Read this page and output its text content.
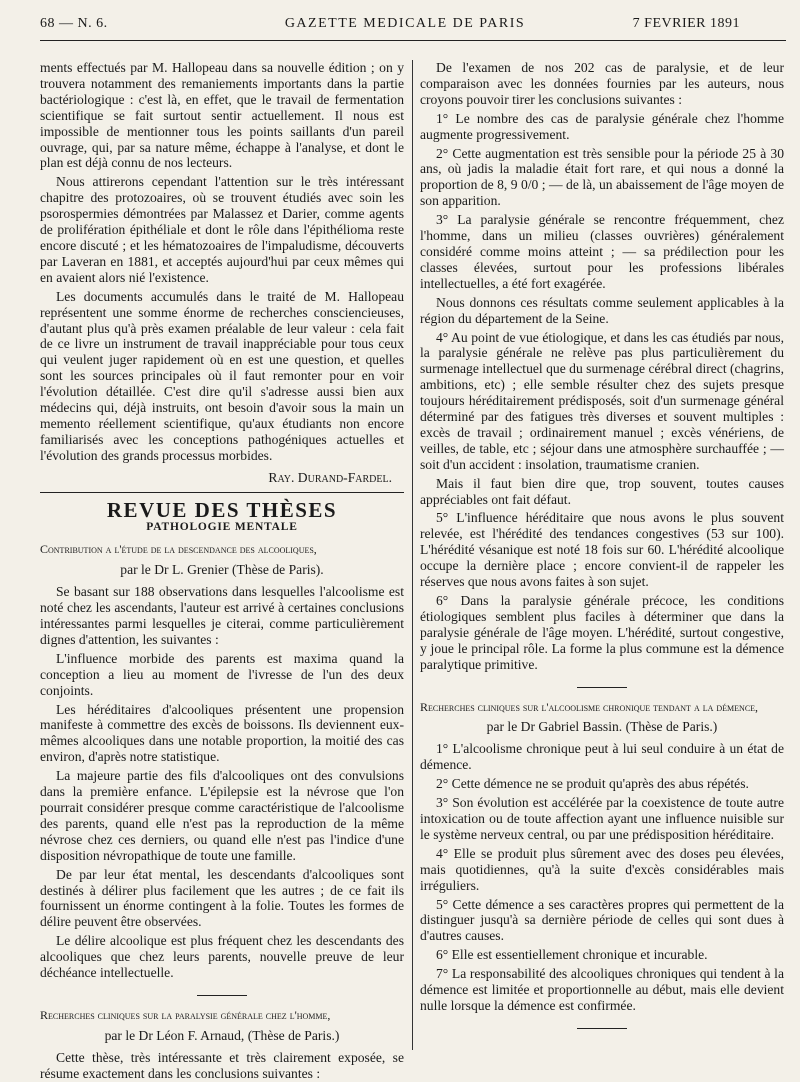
68 — N. 6.	GAZETTE MEDICALE DE PARIS	7 FEVRIER 1891

ments effectués par M. Hallopeau dans sa nouvelle édition ; on y trouvera notamment des remaniements importants dans la partie bactériologique : c'est là, en effet, que le travail de fermentation scientifique se fait surtout sentir actuellement. Il nous est impossible de mentionner tous les points saillants d'un pareil ouvrage, qui, par sa nature même, échappe à l'analyse, et dont le plan est déjà connu de nos lecteurs.

Nous attirerons cependant l'attention sur le très intéressant chapitre des protozoaires, où se trouvent étudiés avec soin les psorospermies démontrées par Malassez et Darier, comme agents de prolifération épithéliale et dont le rôle dans l'épithélioma reste encore discuté ; et les hématozoaires de l'impaludisme, découverts par Laveran en 1881, et acceptés aujourd'hui par ceux mêmes qui en avaient alors nié l'existence.

Les documents accumulés dans le traité de M. Hallopeau représentent une somme énorme de recherches consciencieuses, d'autant plus qu'à près examen préalable de leur valeur : cela fait de ce livre un instrument de travail inappréciable pour tous ceux qui veulent juger rapidement où en est une question, et quelles sont les sources principales où il faut remonter pour en voir l'évolution détaillée. C'est dire qu'il s'adresse aussi bien aux médecins qui, déjà instruits, ont besoin d'avoir sous la main un memento réellement scientifique, qu'aux étudiants non encore familiarisés avec les conceptions pathogéniques actuelles et l'évolution des grands processus morbides.

Ray. Durand-Fardel.
REVUE DES THÈSES
PATHOLOGIE MENTALE
Contribution a l'étude de la descendance des alcooliques,
par le Dr L. Grenier (Thèse de Paris).

Se basant sur 188 observations dans lesquelles l'alcoolisme est noté chez les ascendants, l'auteur est arrivé à certaines conclusions intéressantes parmi lesquelles je citerai, comme particulièrement dignes d'attention, les suivantes :

L'influence morbide des parents est maxima quand la conception a lieu au moment de l'ivresse de l'un des deux conjoints.

Les héréditaires d'alcooliques présentent une propension manifeste à commettre des excès de boissons. Ils deviennent eux-mêmes alcooliques dans une notable proportion, la moitié des cas environ, d'après notre statistique.

La majeure partie des fils d'alcooliques ont des convulsions dans la première enfance. L'épilepsie est la névrose que l'on pourrait considérer presque comme caractéristique de l'alcoolisme des parents, quand elle n'est pas la reproduction de la même névrose chez ces derniers, ou quand elle n'est pas l'indice d'une disposition névropathique de toute une famille.

De par leur état mental, les descendants d'alcooliques sont destinés à délirer plus facilement que les autres ; de ce fait ils fournissent un énorme contingent à la folie. Toutes les formes de délire peuvent être observées.

Le délire alcoolique est plus fréquent chez les descendants des alcooliques que chez leurs parents, nouvelle preuve de leur déchéance intellectuelle.

Recherches cliniques sur la paralysie générale chez l'homme,
par le Dr Léon F. Arnaud, (Thèse de Paris.)

Cette thèse, très intéressante et très clairement exposée, se résume exactement dans les conclusions suivantes :

De l'examen de nos 202 cas de paralysie, et de leur comparaison avec les données fournies par les auteurs, nous croyons pouvoir tirer les conclusions suivantes :

1° Le nombre des cas de paralysie générale chez l'homme augmente progressivement.

2° Cette augmentation est très sensible pour la période 25 à 30 ans, où jadis la maladie était fort rare, et qui nous a donné la proportion de 8, 9 0/0 ; — de là, un abaissement de l'âge moyen de son apparition.

3° La paralysie générale se rencontre fréquemment, chez l'homme, dans un milieu (classes ouvrières) généralement considéré comme moins atteint ; — sa prédilection pour les classes élevées, surtout pour les professions libérales intellectuelles, a été fort exagérée.

Nous donnons ces résultats comme seulement applicables à la région du département de la Seine.

4° Au point de vue étiologique, et dans les cas étudiés par nous, la paralysie générale ne relève pas plus particulièrement du surmenage intellectuel que du surmenage cérébral direct (chagrins, ambitions, etc) ; elle semble résulter chez des sujets presque toujours héréditairement prédisposés, soit d'un surmenage général déterminé par des fatigues très diverses et souvent multiples : excès de travail ; ordinairement manuel ; excès vénériens, de veilles, de table, etc ; séjour dans une atmosphère surchauffée ; — soit d'un accident : insolation, traumatisme cranien.

Mais il faut bien dire que, trop souvent, toutes causes appréciables ont fait défaut.

5° L'influence héréditaire que nous avons le plus souvent relevée, est l'hérédité des tendances congestives (53 sur 100). L'hérédité vésanique est noté 18 fois sur 60. L'hérédité alcoolique occupe la dernière place ; encore convient-il de rappeler les réserves que nous avons faites à son sujet.

6° Dans la paralysie générale précoce, les conditions étiologiques semblent plus faciles à déterminer que dans la paralysie générale de l'âge moyen. L'hérédité, surtout congestive, y joue le principal rôle. La forme la plus commune est la démence paralytique primitive.

Recherches cliniques sur l'alcoolisme chronique tendant a la démence,
par le Dr Gabriel Bassin. (Thèse de Paris.)

1° L'alcoolisme chronique peut à lui seul conduire à un état de démence.

2° Cette démence ne se produit qu'après des abus répétés.

3° Son évolution est accélérée par la coexistence de toute autre intoxication ou de toute affection ayant une influence nuisible sur le système nerveux central, ou par une prédisposition héréditaire.

4° Elle se produit plus sûrement avec des doses peu élevées, mais quotidiennes, qu'à la suite d'excès considérables mais irréguliers.

5° Cette démence a ses caractères propres qui permettent de la distinguer jusqu'à sa dernière période de celles qui sont dues à d'autres causes.

6° Elle est essentiellement chronique et incurable.

7° La responsabilité des alcooliques chroniques qui tendent à la démence est limitée et proportionnelle au début, mais elle devient nulle lorsque la démence est confirmée.
